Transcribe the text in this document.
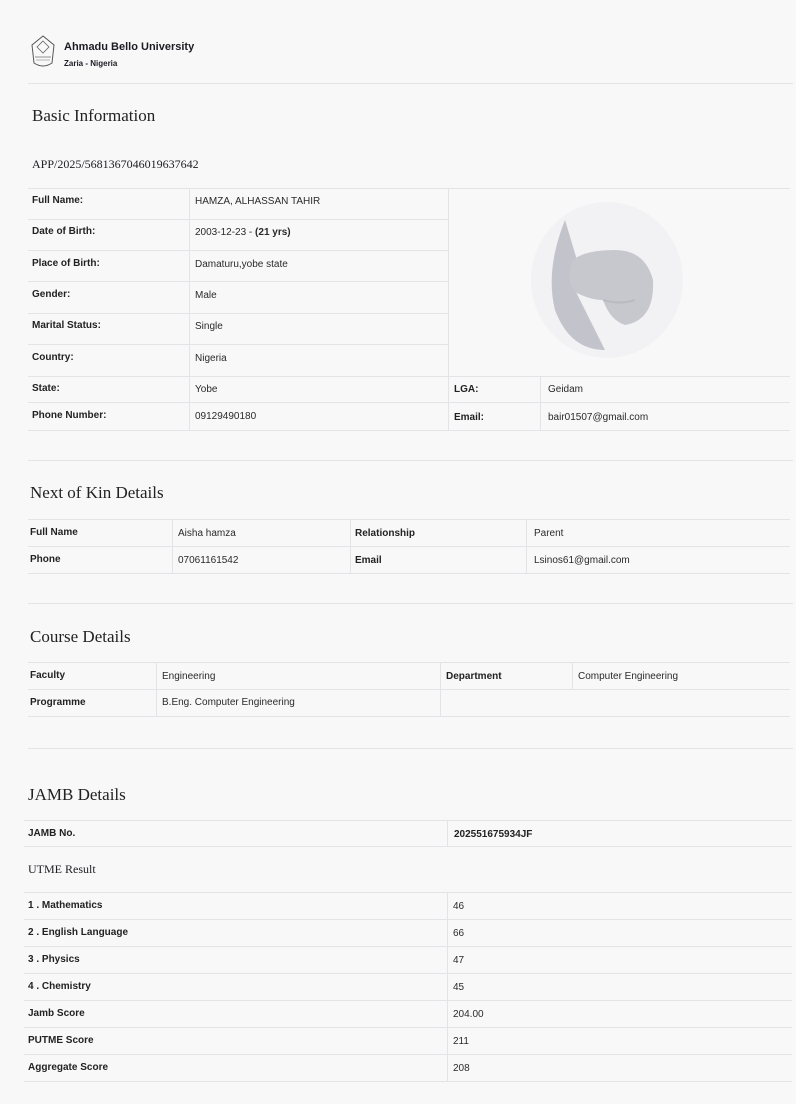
Ahmadu Bello University
Zaria - Nigeria
Basic Information
APP/2025/5681367046019637642
Full Name:	HAMZA, ALHASSAN TAHIR
Date of Birth:	2003-12-23 - (21 yrs)
Place of Birth:	Damaturu,yobe state
Gender:	Male
Marital Status:	Single
Country:	Nigeria
State:	Yobe	LGA:	Geidam
Phone Number:	09129490180	Email:	bair01507@gmail.com
Next of Kin Details
Full Name	Aisha hamza	Relationship	Parent
Phone	07061161542	Email	Lsinos61@gmail.com
Course Details
Faculty	Engineering	Department	Computer Engineering
Programme	B.Eng. Computer Engineering
JAMB Details
JAMB No.	202551675934JF
UTME Result
1 . Mathematics	46
2 . English Language	66
3 . Physics	47
4 . Chemistry	45
Jamb Score	204.00
PUTME Score	211
Aggregate Score	208
